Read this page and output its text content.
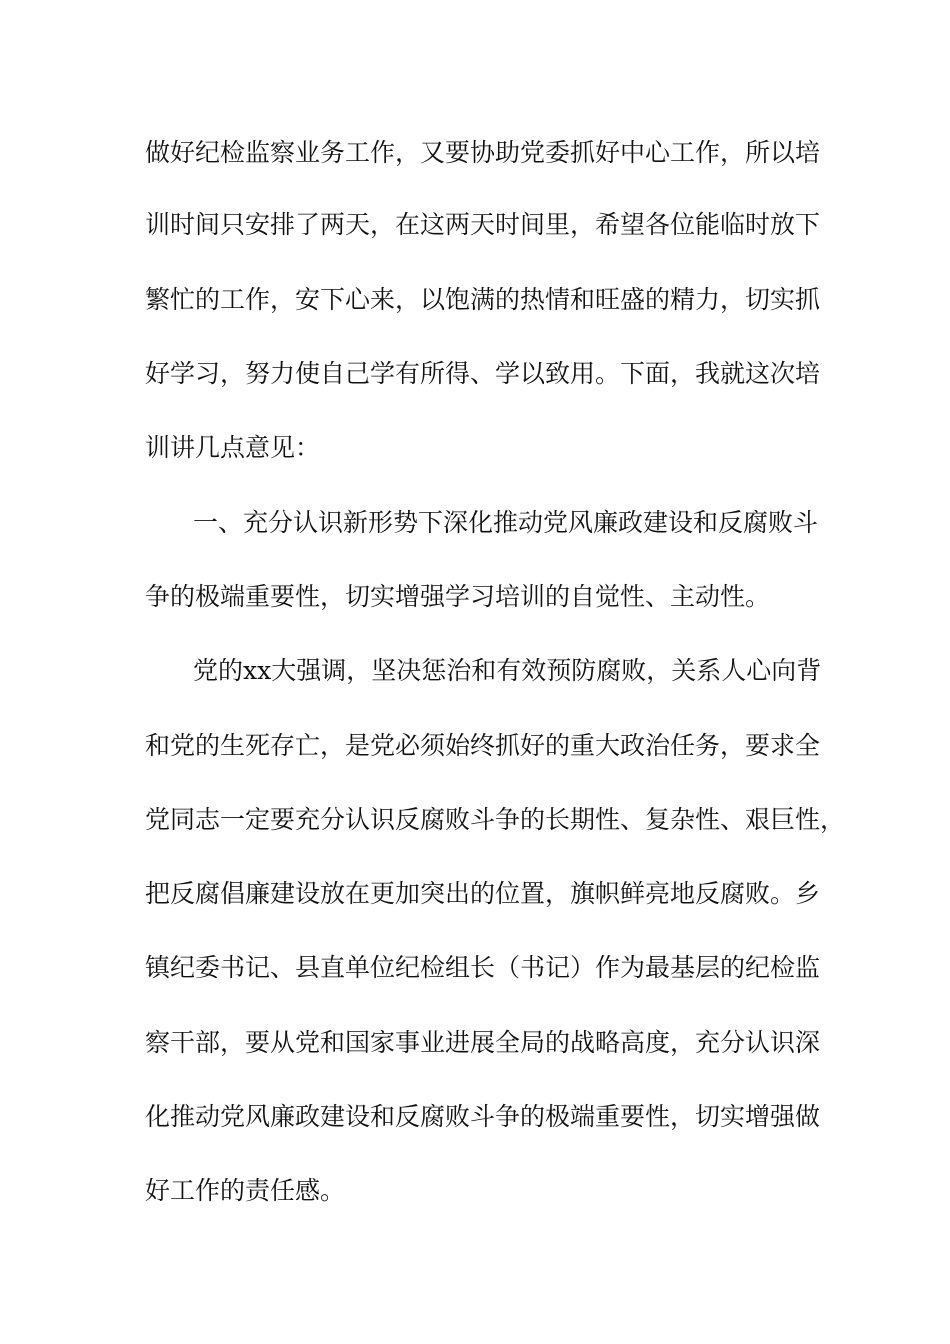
做好纪检监察业务工作，又要协助党委抓好中心工作，所以培
训时间只安排了两天，在这两天时间里，希望各位能临时放下
繁忙的工作，安下心来，以饱满的热情和旺盛的精力，切实抓
好学习，努力使自己学有所得、学以致用。下面，我就这次培
训讲几点意见：
一、充分认识新形势下深化推动党风廉政建设和反腐败斗
争的极端重要性，切实增强学习培训的自觉性、主动性。
党的xx大强调，坚决惩治和有效预防腐败，关系人心向背
和党的生死存亡，是党必须始终抓好的重大政治任务，要求全
党同志一定要充分认识反腐败斗争的长期性、复杂性、艰巨性，
把反腐倡廉建设放在更加突出的位置，旗帜鲜亮地反腐败。乡
镇纪委书记、县直单位纪检组长（书记）作为最基层的纪检监
察干部，要从党和国家事业进展全局的战略高度，充分认识深
化推动党风廉政建设和反腐败斗争的极端重要性，切实增强做
好工作的责任感。
